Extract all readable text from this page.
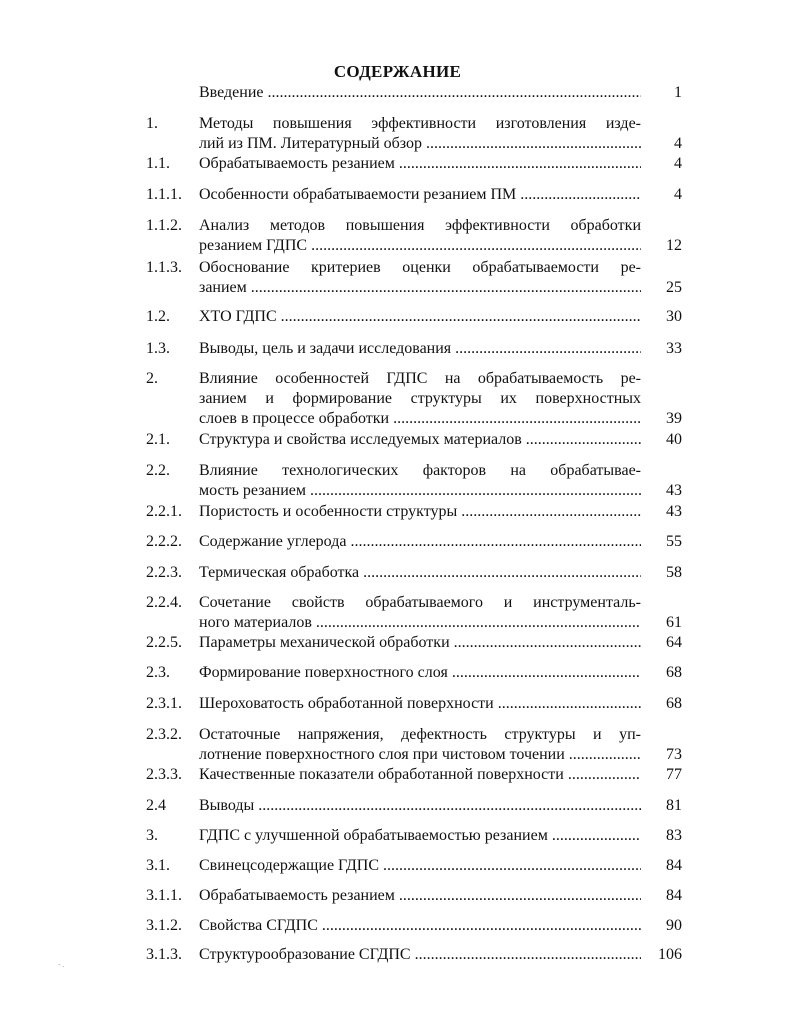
СОДЕРЖАНИЕ
Введение .....	1
1.	Методы повышения эффективности изготовления изде-
лий из ПМ. Литературный обзор .....	4
1.1. Обрабатываемость резанием .....	4
1.1.1. Особенности обрабатываемости резанием ПМ .....	4
1.1.2. Анализ методов повышения эффективности обработки
резанием ГДПС .....	12
1.1.3. Обоснование критериев оценки обрабатываемости ре-
занием .....	25
1.2. ХТО ГДПС .....	30
1.3. Выводы, цель и задачи исследования .....	33
2.	Влияние особенностей ГДПС на обрабатываемость ре-
занием и формирование структуры их поверхностных
слоев в процессе обработки .....	39
2.1. Структура и свойства исследуемых материалов .....	40
2.2. Влияние технологических факторов на обрабатывае-
мость резанием .....	43
2.2.1. Пористость и особенности структуры .....	43
2.2.2. Содержание углерода .....	55
2.2.3. Термическая обработка .....	58
2.2.4. Сочетание свойств обрабатываемого и инструменталь-
ного материалов .....	61
2.2.5. Параметры механической обработки .....	64
2.3. Формирование поверхностного слоя .....	68
2.3.1. Шероховатость обработанной поверхности .....	68
2.3.2. Остаточные напряжения, дефектность структуры и уп-
лотнение поверхностного слоя при чистовом точении .....	73
2.3.3. Качественные показатели обработанной поверхности .....	77
2.4 Выводы .....	81
3.	ГДПС с улучшенной обрабатываемостью резанием .....	83
3.1. Свинецсодержащие ГДПС .....	84
3.1.1. Обрабатываемость резанием .....	84
3.1.2. Свойства СГДПС .....	90
3.1.3. Структурообразование СГДПС .....	106
- .
